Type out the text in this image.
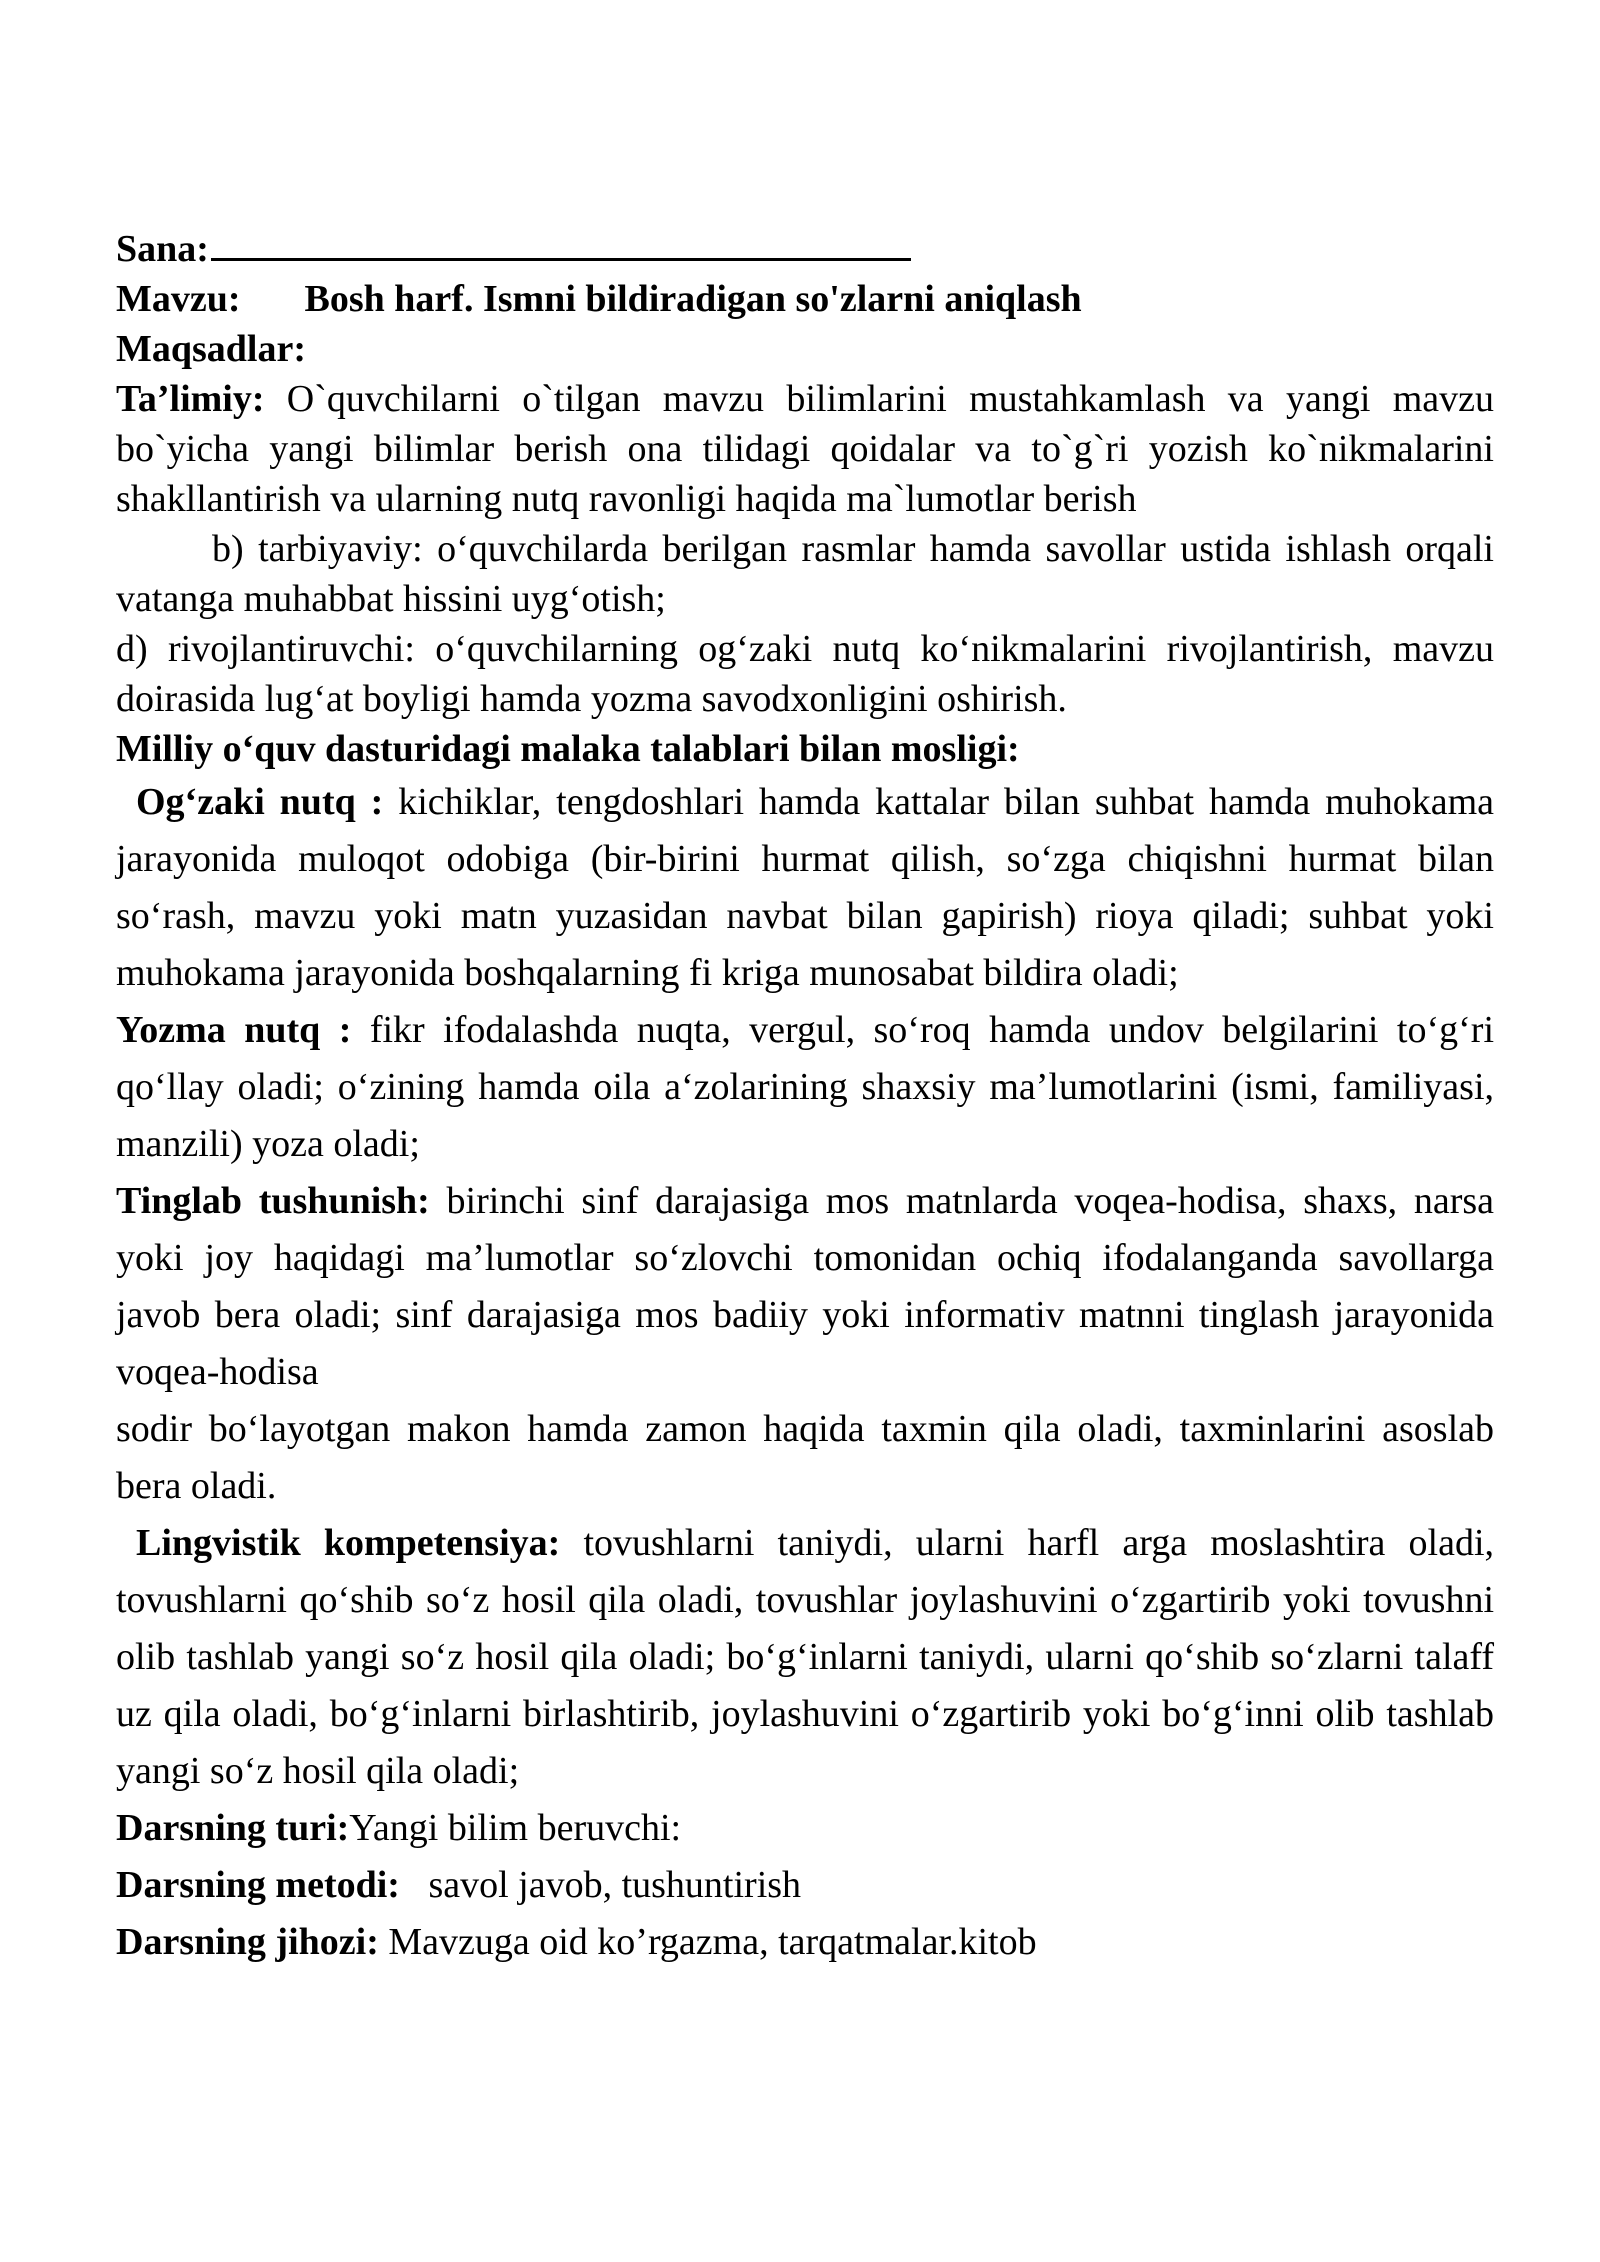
Sana:
Mavzu: Bosh harf. Ismni bildiradigan so'zlarni aniqlash
Maqsadlar:
Ta’limiy: O`quvchilarni o`tilgan mavzu bilimlarini mustahkamlash va yangi mavzu bo`yicha yangi bilimlar berish ona tilidagi qoidalar va to`g`ri yozish ko`nikmalarini shakllantirish va ularning nutq ravonligi haqida ma`lumotlar berish
b) tarbiyaviy: o‘quvchilarda berilgan rasmlar hamda savollar ustida ishlash orqali vatanga muhabbat hissini uyg‘otish;
d) rivojlantiruvchi: o‘quvchilarning og‘zaki nutq ko‘nikmalarini rivojlantirish, mavzu doirasida lug‘at boyligi hamda yozma savodxonligini oshirish.
Milliy o‘quv dasturidagi malaka talablari bilan mosligi:
Og‘zaki nutq : kichiklar, tengdoshlari hamda kattalar bilan suhbat hamda muhokama jarayonida muloqot odobiga (bir-birini hurmat qilish, so‘zga chiqishni hurmat bilan so‘rash, mavzu yoki matn yuzasidan navbat bilan gapirish) rioya qiladi; suhbat yoki muhokama jarayonida boshqalarning fi kriga munosabat bildira oladi;
Yozma nutq : fikr ifodalashda nuqta, vergul, so‘roq hamda undov belgilarini to‘g‘ri qo‘llay oladi; o‘zining hamda oila a‘zolarining shaxsiy ma’lumotlarini (ismi, familiyasi, manzili) yoza oladi;
Tinglab tushunish: birinchi sinf darajasiga mos matnlarda voqea-hodisa, shaxs, narsa yoki joy haqidagi ma’lumotlar so‘zlovchi tomonidan ochiq ifodalanganda savollarga javob bera oladi; sinf darajasiga mos badiiy yoki informativ matnni tinglash jarayonida voqea-hodisa
sodir bo‘layotgan makon hamda zamon haqida taxmin qila oladi, taxminlarini asoslab bera oladi.
Lingvistik kompetensiya: tovushlarni taniydi, ularni harfl arga moslashtira oladi, tovushlarni qo‘shib so‘z hosil qila oladi, tovushlar joylashuvini o‘zgartirib yoki tovushni olib tashlab yangi so‘z hosil qila oladi; bo‘g‘inlarni taniydi, ularni qo‘shib so‘zlarni talaff uz qila oladi, bo‘g‘inlarni birlashtirib, joylashuvini o‘zgartirib yoki bo‘g‘inni olib tashlab yangi so‘z hosil qila oladi;
Darsning turi:Yangi bilim beruvchi:
Darsning metodi:   savol javob, tushuntirish
Darsning jihozi: Mavzuga oid ko’rgazma, tarqatmalar.kitob
